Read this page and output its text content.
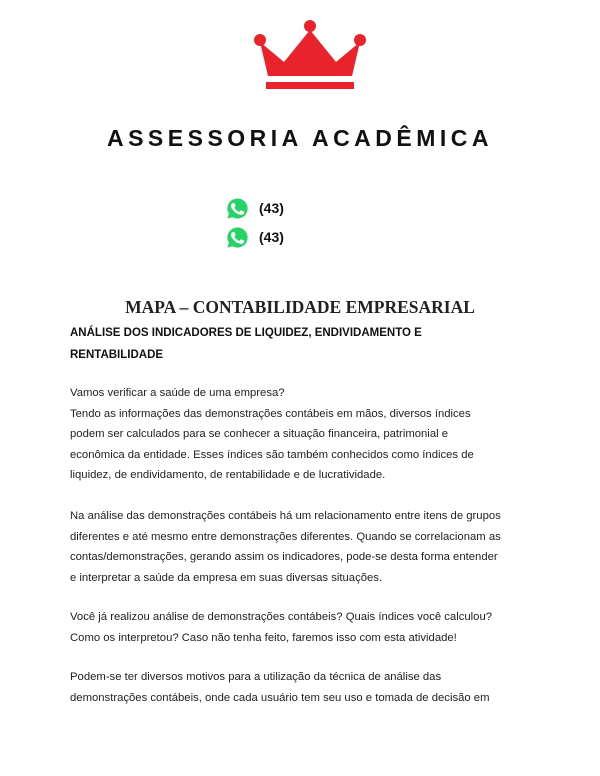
ASSESSORIA ACADÊMICA
(43)
(43)
MAPA – CONTABILIDADE EMPRESARIAL
ANÁLISE DOS INDICADORES DE LIQUIDEZ, ENDIVIDAMENTO E
RENTABILIDADE

Vamos verificar a saúde de uma empresa?
Tendo as informações das demonstrações contábeis em mãos, diversos índices
podem ser calculados para se conhecer a situação financeira, patrimonial e
econômica da entidade. Esses índices são também conhecidos como índices de
liquidez, de endividamento, de rentabilidade e de lucratividade.

Na análise das demonstrações contábeis há um relacionamento entre itens de grupos
diferentes e até mesmo entre demonstrações diferentes. Quando se correlacionam as
contas/demonstrações, gerando assim os indicadores, pode-se desta forma entender
e interpretar a saúde da empresa em suas diversas situações.

Você já realizou análise de demonstrações contábeis? Quais índices você calculou?
Como os interpretou? Caso não tenha feito, faremos isso com esta atividade!

Podem-se ter diversos motivos para a utilização da técnica de análise das
demonstrações contábeis, onde cada usuário tem seu uso e tomada de decisão em
